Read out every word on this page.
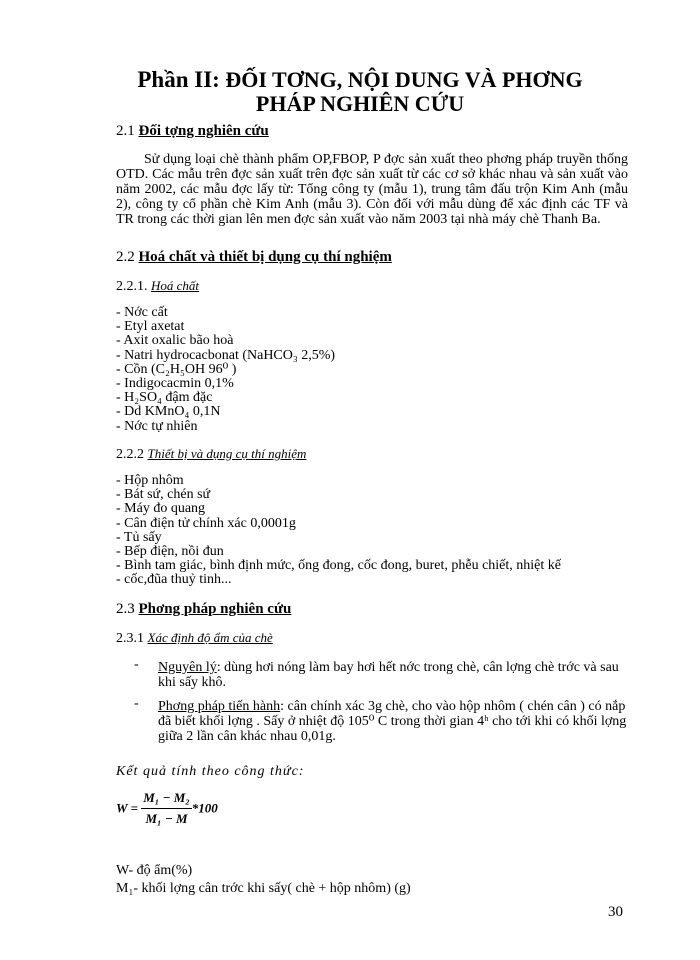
Phần II: ĐỐI TƠNG, NỘI DUNG VÀ PHƠNG
PHÁP NGHIÊN CỨU
2.1 Đối tợng nghiên cứu

Sử dụng loại chè thành phẩm OP,FBOP, P đợc sản xuất theo phơng pháp truyền thống OTD. Các mẫu trên đợc sản xuất trên đợc sản xuất từ các cơ sở khác nhau và sản xuất vào năm 2002, các mẫu đợc lấy từ: Tổng công ty (mẫu 1), trung tâm đấu trộn Kim Anh (mẫu 2), công ty cổ phần chè Kim Anh (mẫu 3). Còn đối với mẫu dùng để xác định các TF và TR trong các thời gian lên men đợc sản xuất vào năm 2003 tại nhà máy chè Thanh Ba.

2.2 Hoá chất và thiết bị dụng cụ thí nghiệm
2.2.1. Hoá chất
- Nớc cất
- Etyl axetat
- Axit oxalic bão hoà
- Natri hydrocacbonat (NaHCO₃ 2,5%)
- Cồn (C₂H₅OH 96⁰ )
- Indigocacmin 0,1%
- H₂SO₄ đậm đặc
- Dd KMnO₄ 0,1N
- Nớc tự nhiên
2.2.2 Thiết bị và dụng cụ thí nghiệm
- Hộp nhôm
- Bát sứ, chén sứ
- Máy đo quang
- Cân điện tử chính xác 0,0001g
- Tủ sấy
- Bếp điện, nồi đun
- Bình tam giác, bình định mức, ống đong, cốc đong, buret, phễu chiết, nhiệt kế
- cốc,đũa thuỷ tinh...
2.3 Phơng pháp nghiên cứu
2.3.1 Xác định độ ẩm của chè
- Nguyên lý: dùng hơi nóng làm bay hơi hết nớc trong chè, cân lợng chè trớc và sau khi sấy khô.
- Phơng pháp tiến hành: cân chính xác 3g chè, cho vào hộp nhôm ( chén cân ) có nắp đã biết khối lợng . Sấy ở nhiệt độ 105⁰ C trong thời gian 4ʰ cho tới khi có khối lợng giữa 2 lần cân khác nhau 0,01g.
Kết quả tính theo công thức:
$W = \frac{\text{M₁ − M₂}}{\text{M₁ − M}} *100$
W- độ ẩm(%)
M₁- khối lợng cân trớc khi sấy( chè + hộp nhôm) (g)
30
